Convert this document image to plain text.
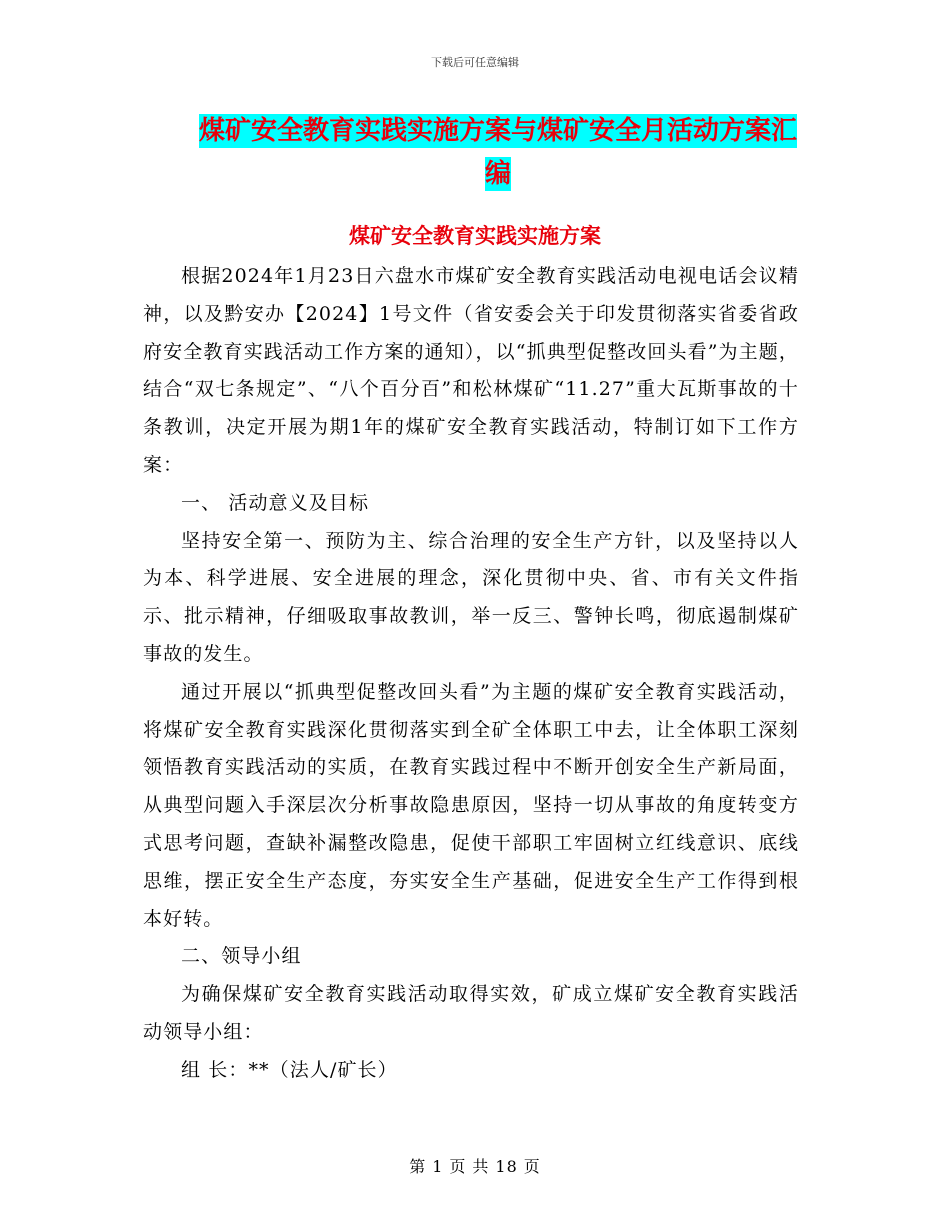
下载后可任意编辑
煤矿安全教育实践实施方案与煤矿安全月活动方案汇
编
煤矿安全教育实践实施方案

根据2024年1月23日六盘水市煤矿安全教育实践活动电视电话会议精神，以及黔安办【2024】1号文件（省安委会关于印发贯彻落实省委省政府安全教育实践活动工作方案的通知），以“抓典型促整改回头看”为主题，结合“双七条规定”、“八个百分百”和松林煤矿“11.27”重大瓦斯事故的十条教训，决定开展为期1年的煤矿安全教育实践活动，特制订如下工作方案：

一、 活动意义及目标

坚持安全第一、预防为主、综合治理的安全生产方针，以及坚持以人为本、科学进展、安全进展的理念，深化贯彻中央、省、市有关文件指示、批示精神，仔细吸取事故教训，举一反三、警钟长鸣，彻底遏制煤矿事故的发生。

通过开展以“抓典型促整改回头看”为主题的煤矿安全教育实践活动，将煤矿安全教育实践深化贯彻落实到全矿全体职工中去，让全体职工深刻领悟教育实践活动的实质，在教育实践过程中不断开创安全生产新局面，从典型问题入手深层次分析事故隐患原因，坚持一切从事故的角度转变方式思考问题，查缺补漏整改隐患，促使干部职工牢固树立红线意识、底线思维，摆正安全生产态度，夯实安全生产基础，促进安全生产工作得到根本好转。

二、领导小组

为确保煤矿安全教育实践活动取得实效，矿成立煤矿安全教育实践活动领导小组：

组 长：**（法人/矿长）

第 1 页 共 18 页
